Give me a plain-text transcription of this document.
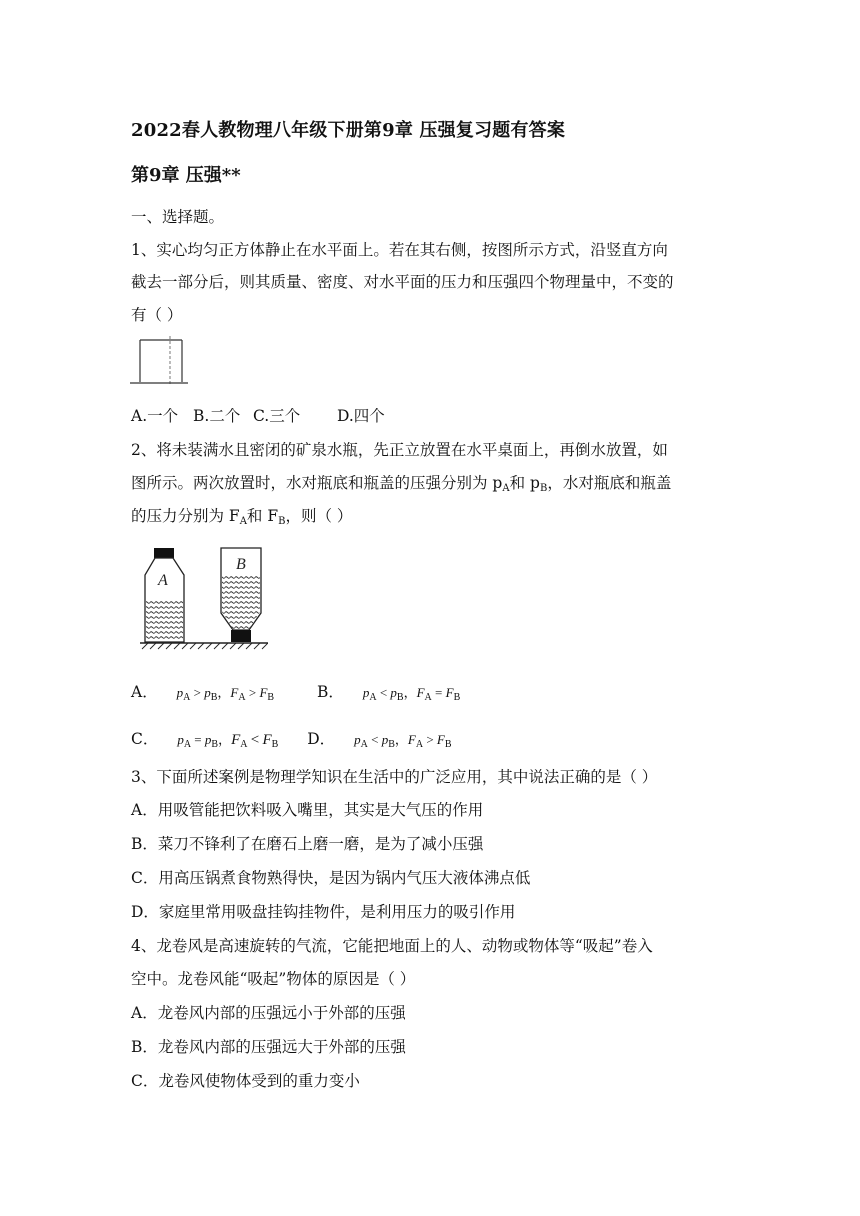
2022春人教物理八年级下册第9章 压强复习题有答案
第9章 压强**
一、选择题。
1、实心均匀正方体静止在水平面上。若在其右侧，按图所示方式，沿竖直方向
截去一部分后，则其质量、密度、对水平面的压力和压强四个物理量中，不变的
有（ ）
A.一个 B.二个 C.三个 D.四个
2、将未装满水且密闭的矿泉水瓶，先正立放置在水平桌面上，再倒水放置，如
图所示。两次放置时，水对瓶底和瓶盖的压强分别为 $p_A$和 $p_B$，水对瓶底和瓶盖
的压力分别为 $F_A$和 $F_B$，则（ ）
A
B
A． $p_A > p_B$，$F_A > F_B$	B． $p_A < p_B$，$F_A = F_B$
C． $p_A = p_B$，$F_A < F_B$ D． $p_A < p_B$，$F_A > F_B$
3、下面所述案例是物理学知识在生活中的广泛应用，其中说法正确的是（ ）
A．用吸管能把饮料吸入嘴里，其实是大气压的作用
B．菜刀不锋利了在磨石上磨一磨，是为了减小压强
C．用高压锅煮食物熟得快，是因为锅内气压大液体沸点低
D．家庭里常用吸盘挂钩挂物件，是利用压力的吸引作用
4、龙卷风是高速旋转的气流，它能把地面上的人、动物或物体等“吸起”卷入
空中。龙卷风能“吸起”物体的原因是（ ）
A．龙卷风内部的压强远小于外部的压强
B．龙卷风内部的压强远大于外部的压强
C．龙卷风使物体受到的重力变小
